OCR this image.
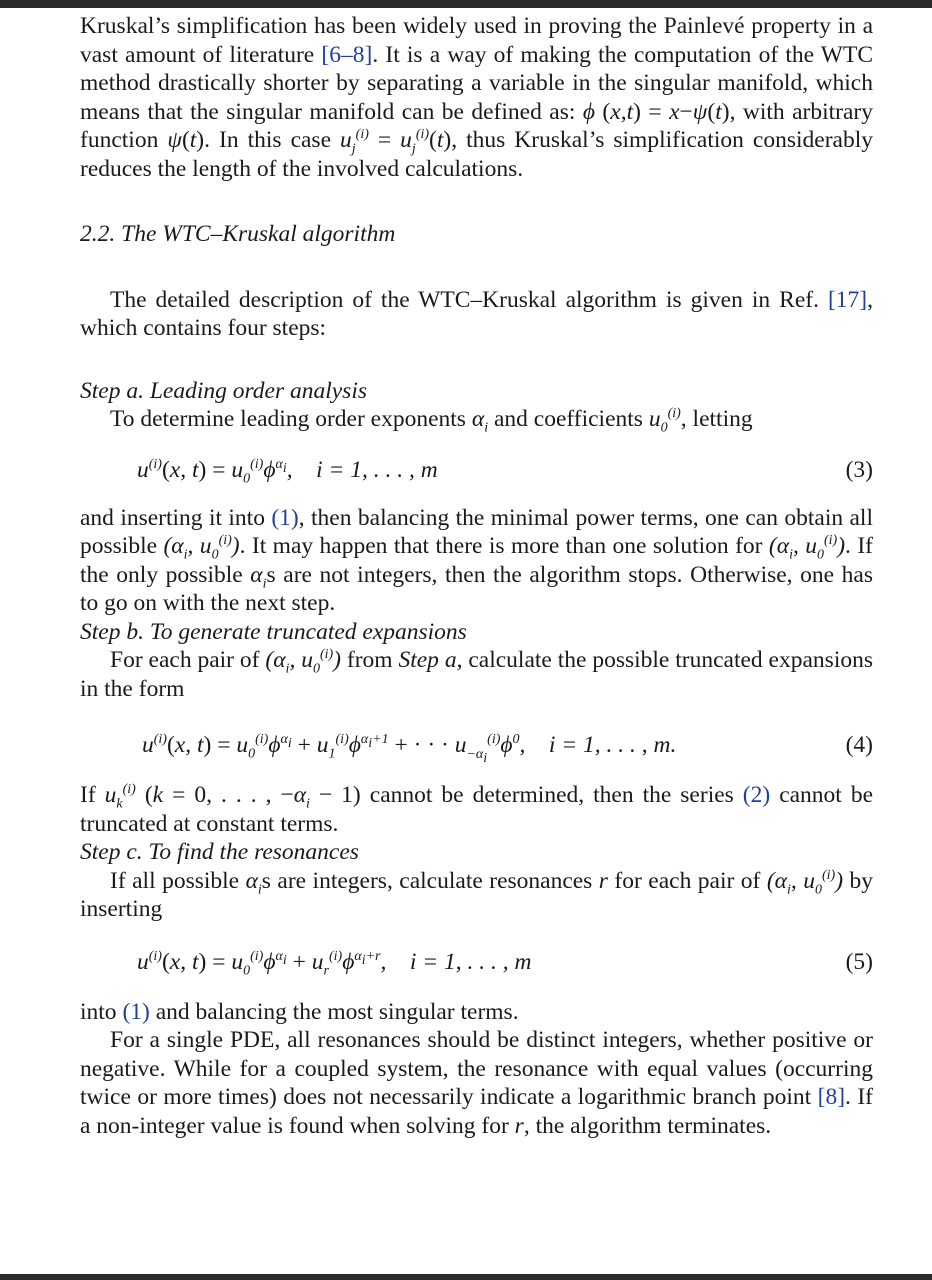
Kruskal’s simplification has been widely used in proving the Painlevé property in a vast amount of literature [6–8]. It is a way of making the computation of the WTC method drastically shorter by separating a variable in the singular manifold, which means that the singular manifold can be defined as: ϕ (x,t) = x−ψ(t), with arbitrary function ψ(t). In this case $u_j^{(i)} = u_j^{(i)}(t)$, thus Kruskal’s simplification considerably reduces the length of the involved calculations.

2.2. The WTC–Kruskal algorithm

The detailed description of the WTC–Kruskal algorithm is given in Ref. [17], which contains four steps:

Step a. Leading order analysis

To determine leading order exponents $\alpha_i$ and coefficients $u_0^{(i)}$, letting

$u^{(i)}(x$, $t) = u_0^{(i)}\phi^{\alpha_i}$,    i = 1, . . . , m	(3)

and inserting it into (1), then balancing the minimal power terms, one can obtain all possible ($\alpha_i$, $u_0^{(i)}$). It may happen that there is more than one solution for ($\alpha_i$, $u_0^{(i)}$). If the only possible $\alpha_is$ are not integers, then the algorithm stops. Otherwise, one has to go on with the next step.

Step b. To generate truncated expansions

For each pair of ($\alpha_i$, $u_0^{(i)}$) from Step a, calculate the possible truncated expansions in the form

$u^{(i)}(x$, $t) = u_0^{(i)}\phi^{\alpha_i} + u_1^{(i)}\phi^{\alpha_i+1}$ + · · · $u_{-\alpha_i}^{(i)}\phi^0$,    i = 1, . . . , m.	(4)

If $u_k^{(i)}$ (k = 0, . . . , $-\alpha_i - 1$) cannot be determined, then the series (2) cannot be truncated at constant terms.

Step c. To find the resonances

If all possible $\alpha_is$ are integers, calculate resonances r for each pair of ($\alpha_i$, $u_0^{(i)}$) by inserting

$u^{(i)}(x$, $t) = u_0^{(i)}\phi^{\alpha_i} + u_r^{(i)}\phi^{\alpha_i+r}$,    i = 1, . . . , m	(5)

into (1) and balancing the most singular terms.

For a single PDE, all resonances should be distinct integers, whether positive or negative. While for a coupled system, the resonance with equal values (occurring twice or more times) does not necessarily indicate a logarithmic branch point [8]. If a non-integer value is found when solving for r, the algorithm terminates.
